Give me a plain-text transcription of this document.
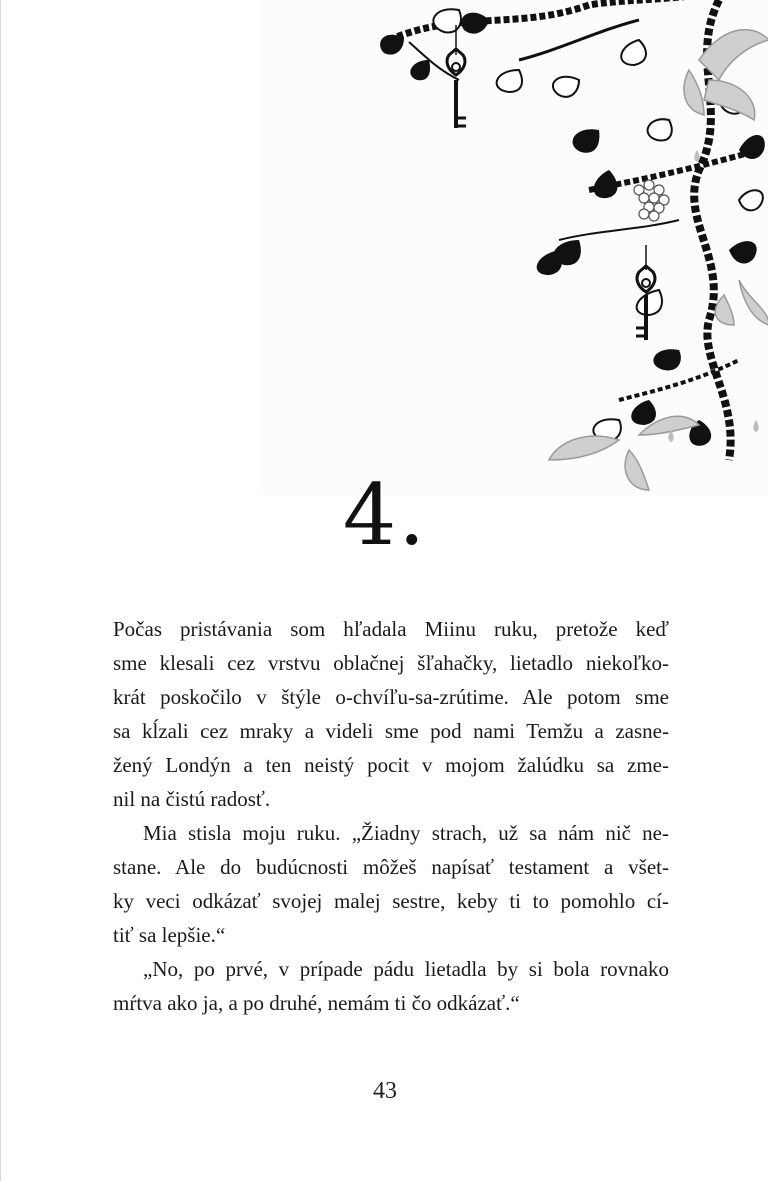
4.
Počas pristávania som hľadala Miinu ruku, pretože keď
sme klesali cez vrstvu oblačnej šľahačky, lietadlo niekoľko-
krát poskočilo v štýle o-chvíľu-sa-zrútime. Ale potom sme
sa kĺzali cez mraky a videli sme pod nami Temžu a zasne-
žený Londýn a ten neistý pocit v mojom žalúdku sa zme-
nil na čistú radosť.
Mia stisla moju ruku. „Žiadny strach, už sa nám nič ne-
stane. Ale do budúcnosti môžeš napísať testament a všet-
ky veci odkázať svojej malej sestre, keby ti to pomohlo cí-
tiť sa lepšie.“
„No, po prvé, v prípade pádu lietadla by si bola rovnako
mŕtva ako ja, a po druhé, nemám ti čo odkázať.“
43
